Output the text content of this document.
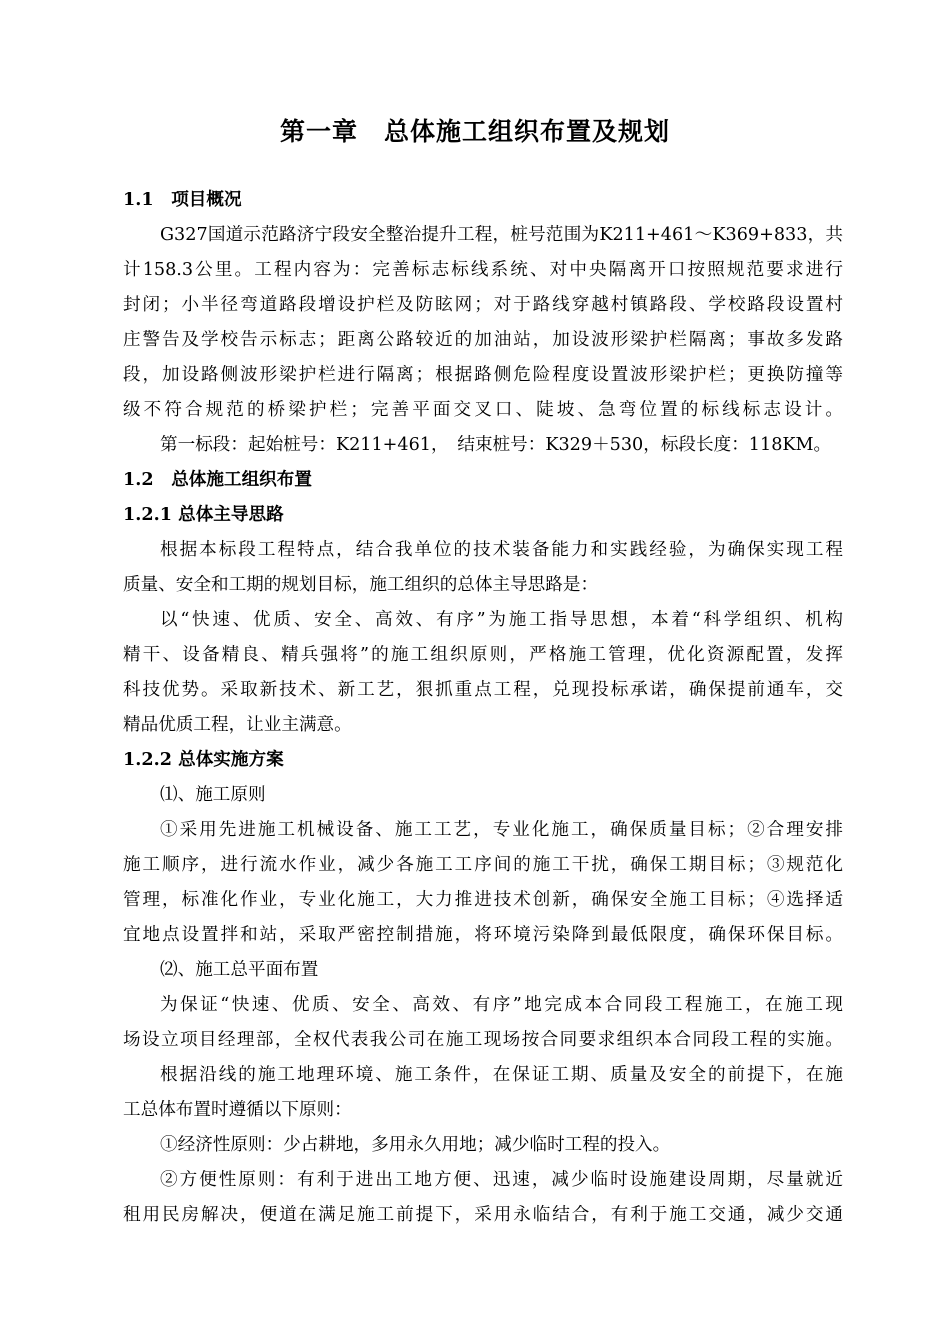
第一章　总体施工组织布置及规划
1.1　项目概况
G327国道示范路济宁段安全整治提升工程，桩号范围为K211+461～K369+833，共
计158.3公里。工程内容为：完善标志标线系统、对中央隔离开口按照规范要求进行
封闭；小半径弯道路段增设护栏及防眩网；对于路线穿越村镇路段、学校路段设置村
庄警告及学校告示标志；距离公路较近的加油站，加设波形梁护栏隔离；事故多发路
段，加设路侧波形梁护栏进行隔离；根据路侧危险程度设置波形梁护栏；更换防撞等
级不符合规范的桥梁护栏；完善平面交叉口、陡坡、急弯位置的标线标志设计。
第一标段：起始桩号：K211+461，　结束桩号：K329＋530，标段长度：118KM。
1.2　总体施工组织布置
1.2.1 总体主导思路
根据本标段工程特点，结合我单位的技术装备能力和实践经验，为确保实现工程
质量、安全和工期的规划目标，施工组织的总体主导思路是：
以“快速、优质、安全、高效、有序”为施工指导思想，本着“科学组织、机构
精干、设备精良、精兵强将”的施工组织原则，严格施工管理，优化资源配置，发挥
科技优势。采取新技术、新工艺，狠抓重点工程，兑现投标承诺，确保提前通车，交
精品优质工程，让业主满意。
1.2.2 总体实施方案
⑴、施工原则
①采用先进施工机械设备、施工工艺，专业化施工，确保质量目标；②合理安排
施工顺序，进行流水作业，减少各施工工序间的施工干扰，确保工期目标；③规范化
管理，标准化作业，专业化施工，大力推进技术创新，确保安全施工目标；④选择适
宜地点设置拌和站，采取严密控制措施，将环境污染降到最低限度，确保环保目标。
⑵、施工总平面布置
为保证“快速、优质、安全、高效、有序”地完成本合同段工程施工，在施工现
场设立项目经理部，全权代表我公司在施工现场按合同要求组织本合同段工程的实施。
根据沿线的施工地理环境、施工条件，在保证工期、质量及安全的前提下，在施
工总体布置时遵循以下原则：
①经济性原则：少占耕地，多用永久用地；减少临时工程的投入。
②方便性原则：有利于进出工地方便、迅速，减少临时设施建设周期，尽量就近
租用民房解决，便道在满足施工前提下，采用永临结合，有利于施工交通，减少交通
